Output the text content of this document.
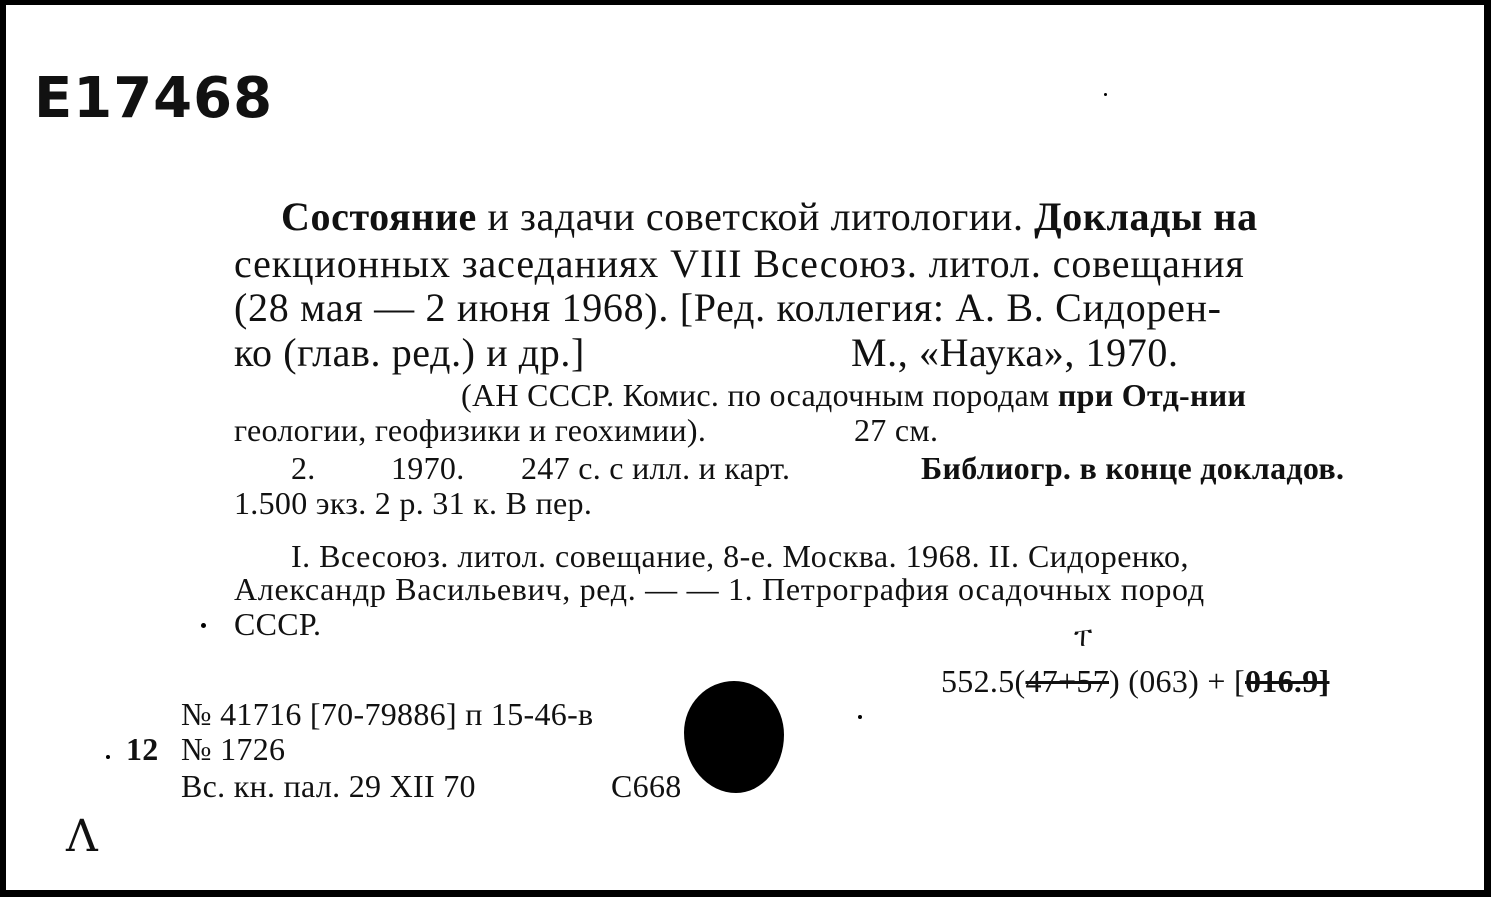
E17468
Состояние и задачи советской литологии. Доклады на
секционных заседаниях VIII Всесоюз. литол. совещания
(28 мая — 2 июня 1968). [Ред. коллегия: А. В. Сидорен-
ко (глав. ред.) и др.]	М., «Наука», 1970.
(АН СССР. Комис. по осадочным породам при Отд-нии
геологии, геофизики и геохимии).	27 см.
2. 1970. 247 с. с илл. и карт.	Библиогр. в конце докладов.
1.500 экз. 2 р. 31 к. В пер.
I. Всесоюз. литол. совещание, 8-е. Москва. 1968. II. Сидоренко,
Александр Васильевич, ред. — — 1. Петрография осадочных пород
СССР.	ፐ
552.5(47+57) (063) + [016.9]
№ 41716 [70-79886] п 15-46-в
12 № 1726
Вс. кн. пал. 29 XII 70	С668
Λ
